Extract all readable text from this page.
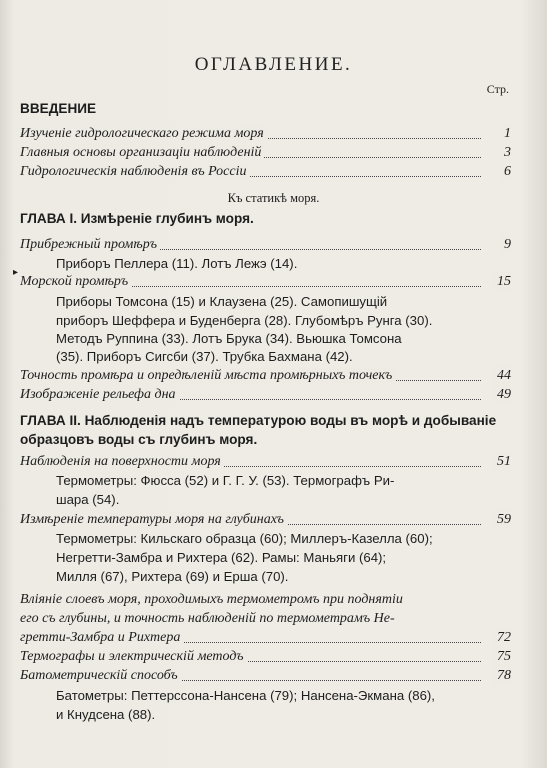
ОГЛАВЛЕНИЕ.
Стр.
ВВЕДЕНИЕ
Изученіе гидрологическаго режима моря	1
Главныя основы организаціи наблюденій	3
Гидрологическія наблюденія въ Россіи	6
Къ статикѣ моря.
ГЛАВА I. Измѣреніе глубинъ моря.
Прибрежный промѣръ	9
Приборъ Пеллера (11). Лотъ Лежэ (14).
▸
Морской промѣръ	15
Приборы Томсона (15) и Клаузена (25). Самопишущій
приборъ Шеффера и Буденберга (28). Глубомѣръ Рунга (30).
Методъ Руппина (33). Лотъ Брука (34). Вьюшка Томсона
(35). Приборъ Сигсби (37). Трубка Бахмана (42).
Точность промѣра и опредѣленій мѣста промѣрныхъ точекъ	44
Изображеніе рельефа дна	49
ГЛАВА II. Наблюденія надъ температурою воды въ морѣ и добываніе
образцовъ воды съ глубинъ моря.
Наблюденія на поверхности моря	51
Термометры: Фюсса (52) и Г. Г. У. (53). Термографъ Ри-
шара (54).
Измѣреніе температуры моря на глубинахъ	59
Термометры: Кильскаго образца (60); Миллеръ-Казелла (60);
Негретти-Замбра и Рихтера (62). Рамы: Маньяги (64);
Милля (67), Рихтера (69) и Ерша (70).
Вліяніе слоевъ моря, проходимыхъ термометромъ при поднятіи
его съ глубины, и точность наблюденій по термометрамъ Не-
гретти-Замбра и Рихтера	72
Термографы и электрическій методъ	75
Батометрическій способъ	78
Батометры: Петтерссона-Нансена (79); Нансена-Экмана (86),
и Кнудсена (88).
